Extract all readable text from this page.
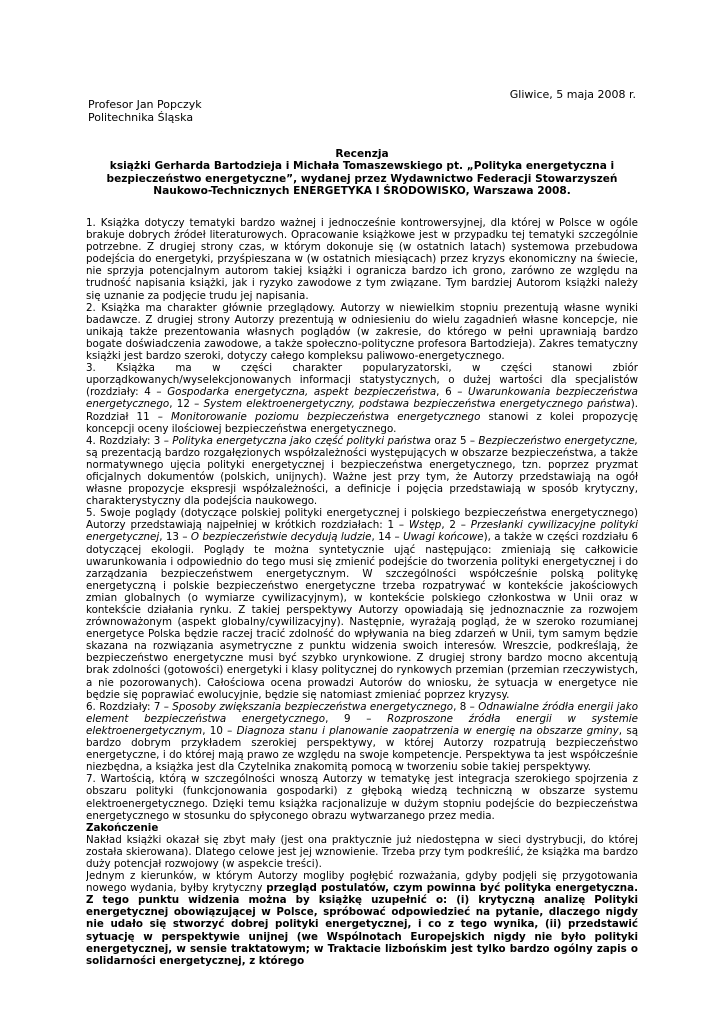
Gliwice, 5 maja 2008 r.
Profesor Jan Popczyk
Politechnika Śląska
Recenzja
książki Gerharda Bartodzieja i Michała Tomaszewskiego pt. „Polityka energetyczna i bezpieczeństwo energetyczne”, wydanej przez Wydawnictwo Federacji Stowarzyszeń Naukowo-Technicznych ENERGETYKA I ŚRODOWISKO, Warszawa 2008.

1. Książka dotyczy tematyki bardzo ważnej i jednocześnie kontrowersyjnej, dla której w Polsce w ogóle brakuje dobrych źródeł literaturowych. Opracowanie książkowe jest w przypadku tej tematyki szczególnie potrzebne. Z drugiej strony czas, w którym dokonuje się (w ostatnich latach) systemowa przebudowa podejścia do energetyki, przyśpieszana w (w ostatnich miesiącach) przez kryzys ekonomiczny na świecie, nie sprzyja potencjalnym autorom takiej książki i ogranicza bardzo ich grono, zarówno ze względu na trudność napisania książki, jak i ryzyko zawodowe z tym związane. Tym bardziej Autorom książki należy się uznanie za podjęcie trudu jej napisania.

2. Książka ma charakter głównie przeglądowy. Autorzy w niewielkim stopniu prezentują własne wyniki badawcze. Z drugiej strony Autorzy prezentują w odniesieniu do wielu zagadnień własne koncepcje, nie unikają także prezentowania własnych poglądów (w zakresie, do którego w pełni uprawniają bardzo bogate doświadczenia zawodowe, a także społeczno-polityczne profesora Bartodzieja). Zakres tematyczny książki jest bardzo szeroki, dotyczy całego kompleksu paliwowo-energetycznego.

3. Książka ma w części charakter popularyzatorski, w części stanowi zbiór uporządkowanych/wyselekcjonowanych informacji statystycznych, o dużej wartości dla specjalistów (rozdziały: 4 – Gospodarka energetyczna, aspekt bezpieczeństwa, 6 – Uwarunkowania bezpieczeństwa energetycznego, 12 – System elektroenergetyczny, podstawa bezpieczeństwa energetycznego państwa). Rozdział 11 – Monitorowanie poziomu bezpieczeństwa energetycznego stanowi z kolei propozycję koncepcji oceny ilościowej bezpieczeństwa energetycznego.

4. Rozdziały: 3 – Polityka energetyczna jako część polityki państwa oraz 5 – Bezpieczeństwo energetyczne, są prezentacją bardzo rozgałęzionych współzależności występujących w obszarze bezpieczeństwa, a także normatywnego ujęcia polityki energetycznej i bezpieczeństwa energetycznego, tzn. poprzez pryzmat oficjalnych dokumentów (polskich, unijnych). Ważne jest przy tym, że Autorzy przedstawiają na ogół własne propozycje ekspresji współzależności, a definicje i pojęcia przedstawiają w sposób krytyczny, charakterystyczny dla podejścia naukowego.

5. Swoje poglądy (dotyczące polskiej polityki energetycznej i polskiego bezpieczeństwa energetycznego) Autorzy przedstawiają najpełniej w krótkich rozdziałach: 1 – Wstęp, 2 – Przesłanki cywilizacyjne polityki energetycznej, 13 – O bezpieczeństwie decydują ludzie, 14 – Uwagi końcowe), a także w części rozdziału 6 dotyczącej ekologii. Poglądy te można syntetycznie ująć następująco: zmieniają się całkowicie uwarunkowania i odpowiednio do tego musi się zmienić podejście do tworzenia polityki energetycznej i do zarządzania bezpieczeństwem energetycznym. W szczególności współcześnie polską politykę energetyczną i polskie bezpieczeństwo energetyczne trzeba rozpatrywać w kontekście jakościowych zmian globalnych (o wymiarze cywilizacyjnym), w kontekście polskiego członkostwa w Unii oraz w kontekście działania rynku. Z takiej perspektywy Autorzy opowiadają się jednoznacznie za rozwojem zrównoważonym (aspekt globalny/cywilizacyjny). Następnie, wyrażają pogląd, że w szeroko rozumianej energetyce Polska będzie raczej tracić zdolność do wpływania na bieg zdarzeń w Unii, tym samym będzie skazana na rozwiązania asymetryczne z punktu widzenia swoich interesów. Wreszcie, podkreślają, że bezpieczeństwo energetyczne musi być szybko urynkowione. Z drugiej strony bardzo mocno akcentują brak zdolności (gotowości) energetyki i klasy politycznej do rynkowych przemian (przemian rzeczywistych, a nie pozorowanych). Całościowa ocena prowadzi Autorów do wniosku, że sytuacja w energetyce nie będzie się poprawiać ewolucyjnie, będzie się natomiast zmieniać poprzez kryzysy.

6. Rozdziały: 7 – Sposoby zwiększania bezpieczeństwa energetycznego, 8 – Odnawialne źródła energii jako element bezpieczeństwa energetycznego, 9 – Rozproszone źródła energii w systemie elektroenergetycznym, 10 – Diagnoza stanu i planowanie zaopatrzenia w energię na obszarze gminy, są bardzo dobrym przykładem szerokiej perspektywy, w której Autorzy rozpatrują bezpieczeństwo energetyczne, i do której mają prawo ze względu na swoje kompetencje. Perspektywa ta jest współcześnie niezbędna, a książka jest dla Czytelnika znakomitą pomocą w tworzeniu sobie takiej perspektywy.

7. Wartością, którą w szczególności wnoszą Autorzy w tematykę jest integracja szerokiego spojrzenia z obszaru polityki (funkcjonowania gospodarki) z głęboką wiedzą techniczną w obszarze systemu elektroenergetycznego. Dzięki temu książka racjonalizuje w dużym stopniu podejście do bezpieczeństwa energetycznego w stosunku do spłyconego obrazu wytwarzanego przez media.

Zakończenie

Nakład książki okazał się zbyt mały (jest ona praktycznie już niedostępna w sieci dystrybucji, do której została skierowana). Dlatego celowe jest jej wznowienie. Trzeba przy tym podkreślić, że książka ma bardzo duży potencjał rozwojowy (w aspekcie treści).

Jednym z kierunków, w którym Autorzy mogliby pogłębić rozważania, gdyby podjęli się przygotowania nowego wydania, byłby krytyczny przegląd postulatów, czym powinna być polityka energetyczna. Z tego punktu widzenia można by książkę uzupełnić o: (i) krytyczną analizę Polityki energetycznej obowiązującej w Polsce, spróbować odpowiedzieć na pytanie, dlaczego nigdy nie udało się stworzyć dobrej polityki energetycznej, i co z tego wynika, (ii) przedstawić sytuację w perspektywie unijnej (we Wspólnotach Europejskich nigdy nie było polityki energetycznej, w sensie traktatowym; w Traktacie lizbońskim jest tylko bardzo ogólny zapis o solidarności energetycznej, z którego
